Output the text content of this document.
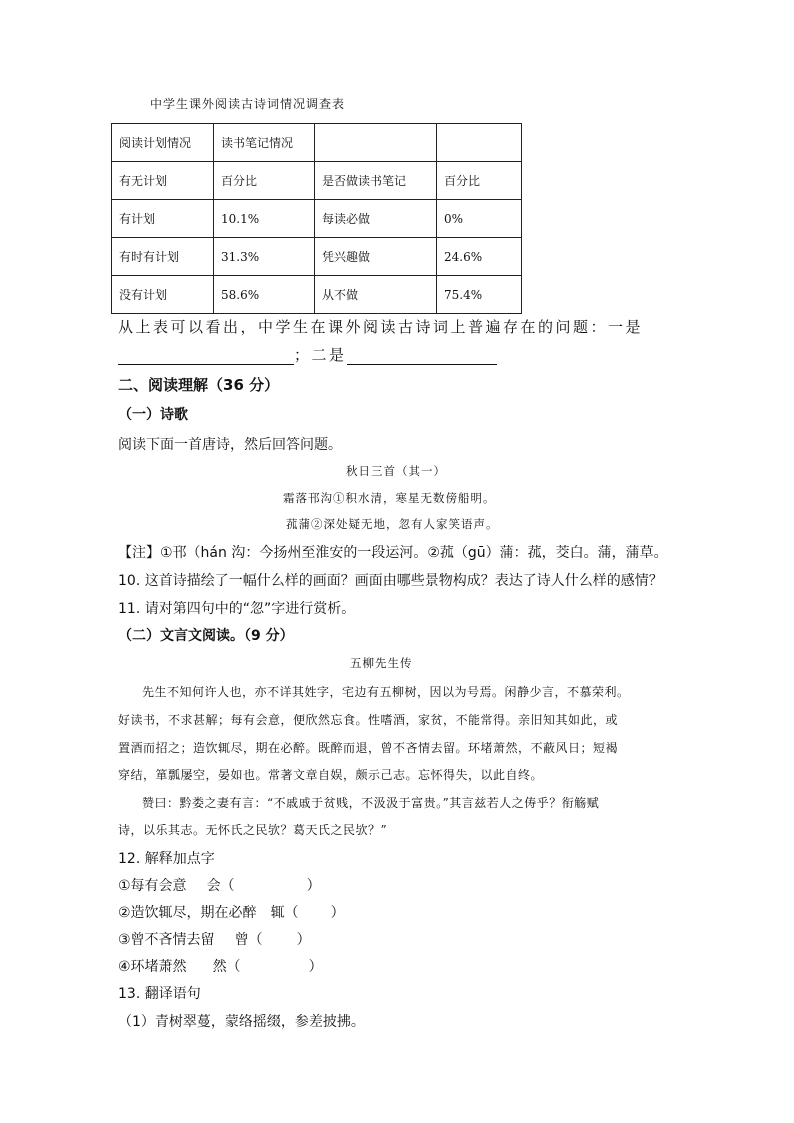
中学生课外阅读古诗词情况调查表
阅读计划情况	读书笔记情况		
有无计划	百分比	是否做读书笔记	百分比
有计划	10.1%	每读必做	0%
有时有计划	31.3%	凭兴趣做	24.6%
没有计划	58.6%	从不做	75.4%
从上表可以看出，中学生在课外阅读古诗词上普遍存在的问题：一是
；二是
二、阅读理解（36 分）
（一）诗歌
阅读下面一首唐诗，然后回答问题。
秋日三首（其一）
霜落邗沟①积水清，寒星无数傍船明。
菰蒲②深处疑无地，忽有人家笑语声。
【注】①邗（hán 沟：今扬州至淮安的一段运河。②菰（gū）蒲：菰，茭白。蒲，蒲草。
10. 这首诗描绘了一幅什么样的画面？画面由哪些景物构成？表达了诗人什么样的感情？
11. 请对第四句中的“忽”字进行赏析。
（二）文言文阅读。（9 分）
五柳先生传
先生不知何许人也，亦不详其姓字，宅边有五柳树，因以为号焉。闲静少言，不慕荣利。
好读书，不求甚解；每有会意，便欣然忘食。性嗜酒，家贫，不能常得。亲旧知其如此，或
置酒而招之；造饮辄尽，期在必醉。既醉而退，曾不吝情去留。环堵萧然，不蔽风日；短褐
穿结，箪瓢屡空，晏如也。常著文章自娱，颇示己志。忘怀得失，以此自终。
赞曰：黔娄之妻有言：“不戚戚于贫贱，不汲汲于富贵。”其言兹若人之俦乎？衔觞赋
诗，以乐其志。无怀氏之民欤？葛天氏之民欤？”
12. 解释加点字
①每有会意 会（	）
②造饮辄尽，期在必醉 辄（ ）
③曾不吝情去留 曾（ ）
④环堵萧然 然（	）
13. 翻译语句
（1）青树翠蔓，蒙络摇缀，参差披拂。
